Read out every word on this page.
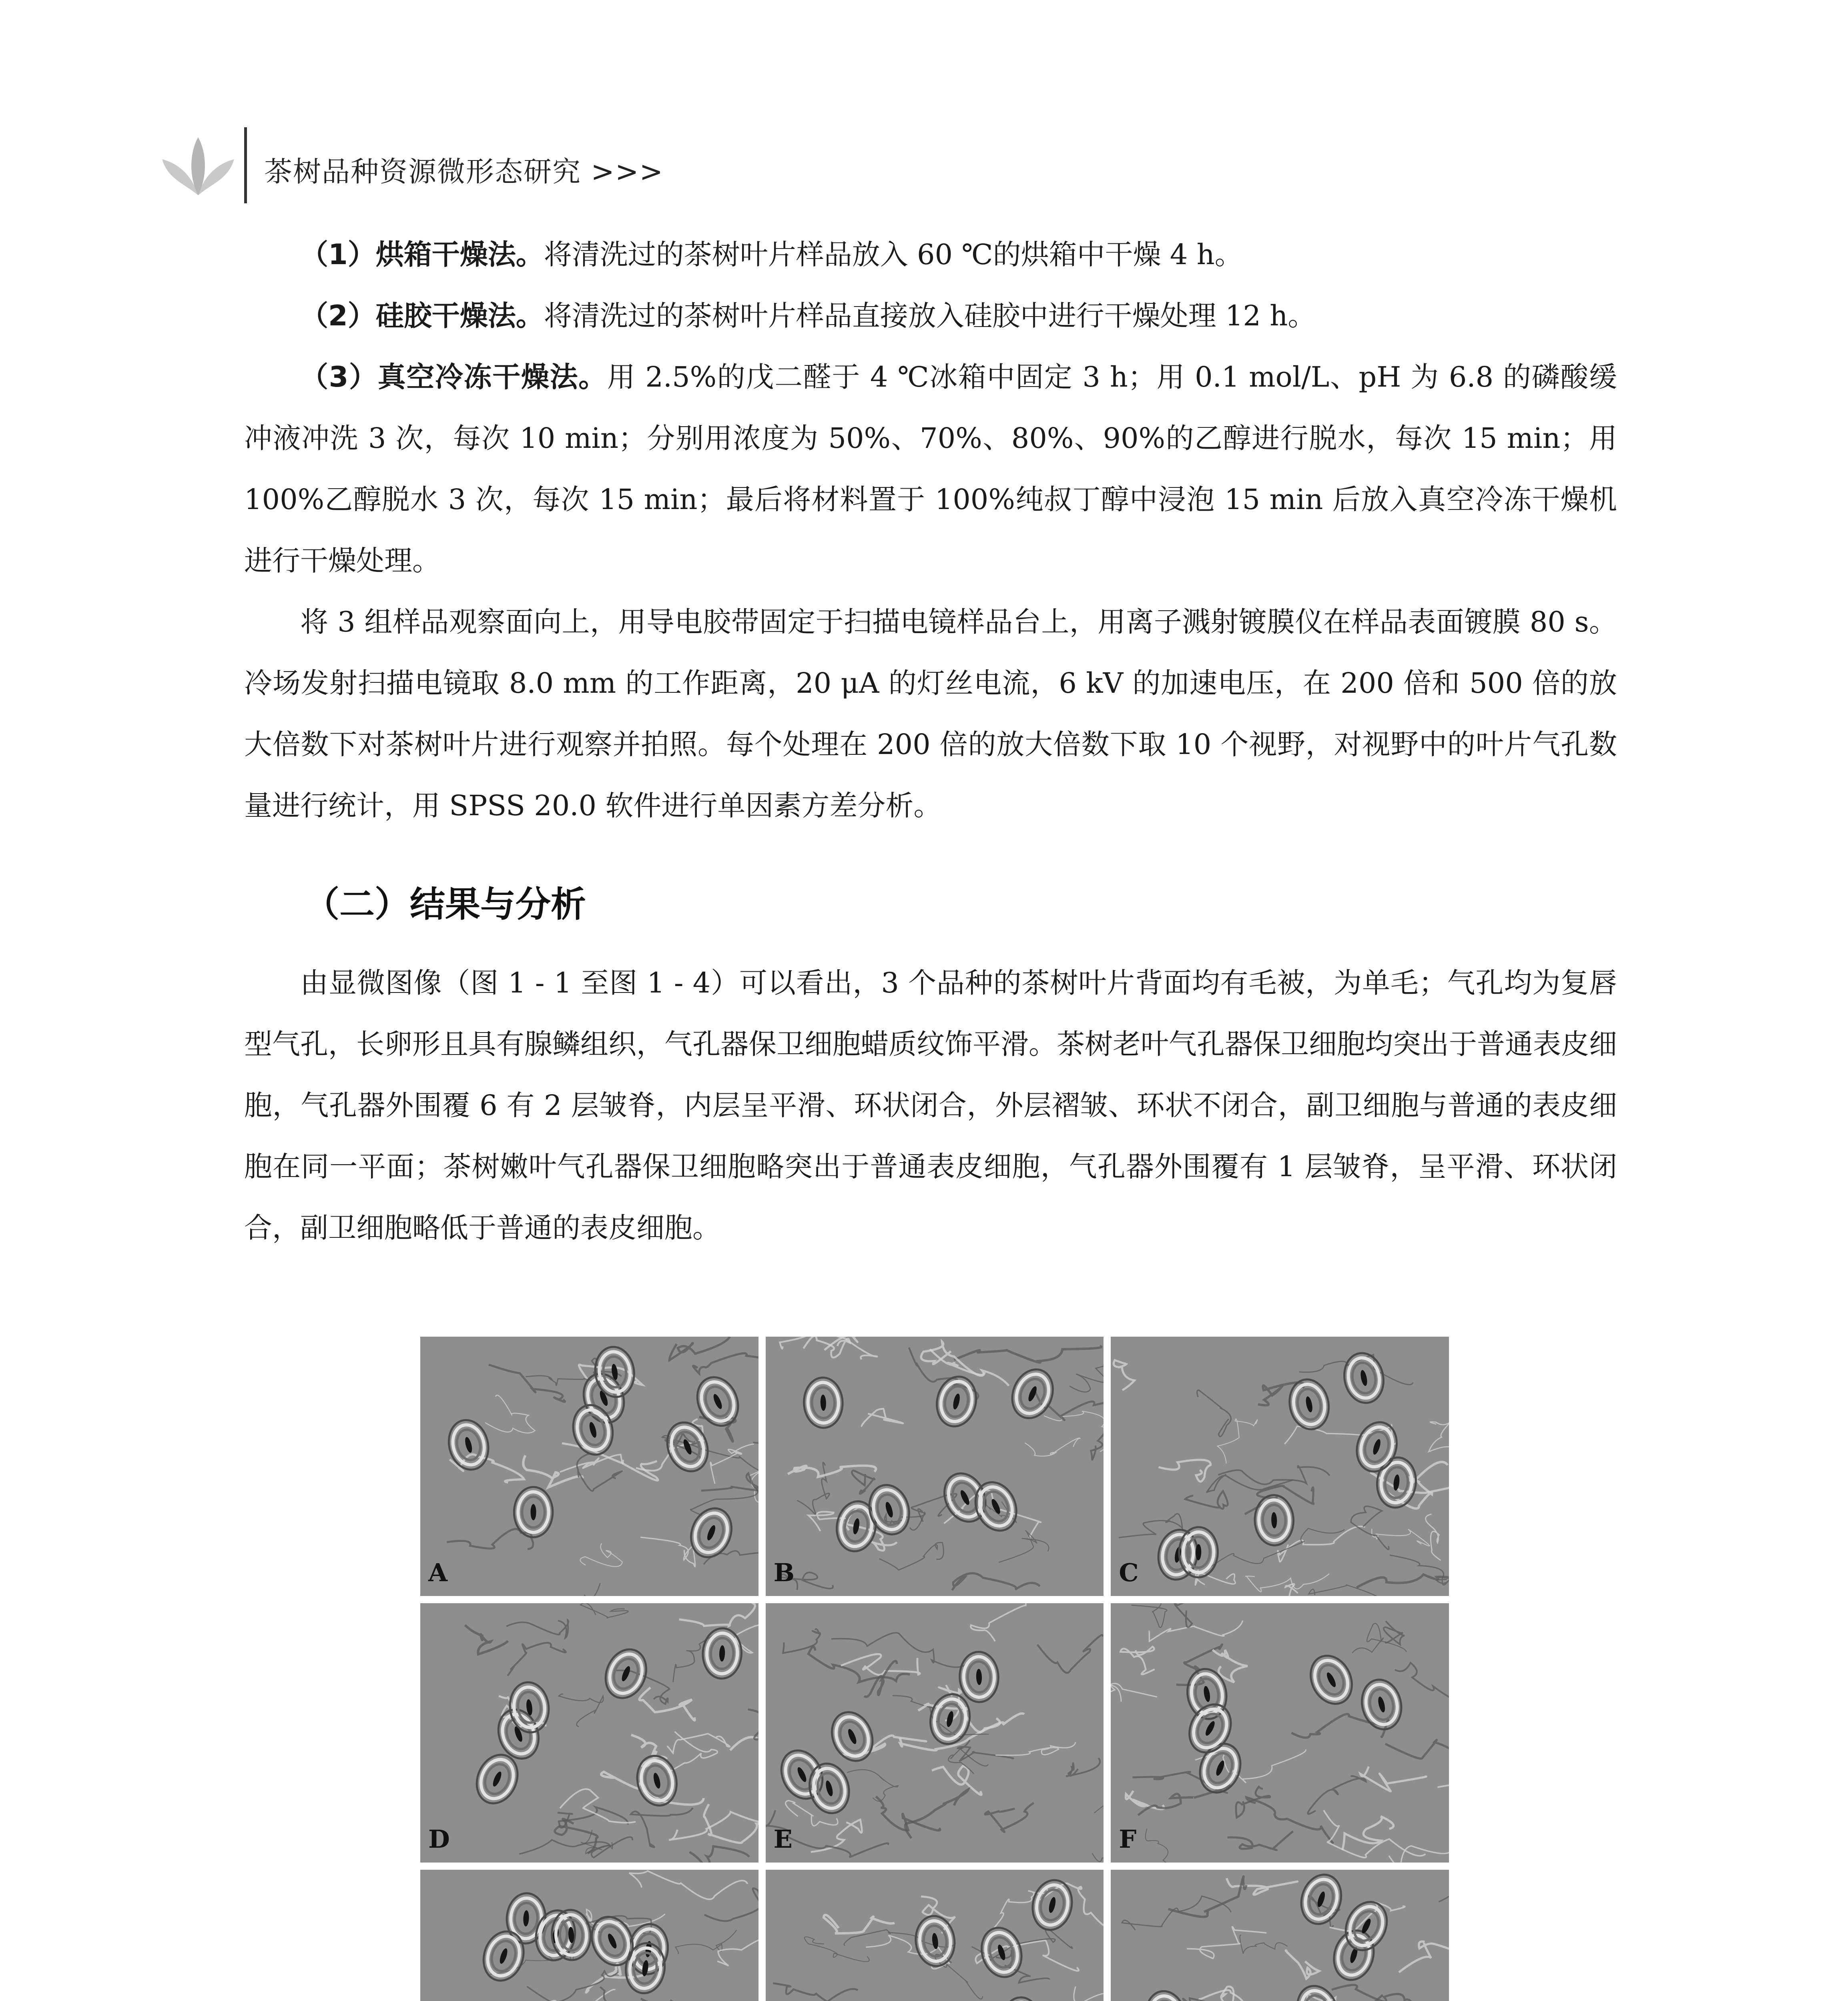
茶树品种资源微形态研究 >>>

（1）烘箱干燥法。将清洗过的茶树叶片样品放入 60 ℃的烘箱中干燥 4 h。

（2）硅胶干燥法。将清洗过的茶树叶片样品直接放入硅胶中进行干燥处理 12 h。

（3）真空冷冻干燥法。用 2.5%的戊二醛于 4 ℃冰箱中固定 3 h；用 0.1 mol/L、pH 为 6.8 的磷酸缓冲液冲洗 3 次，每次 10 min；分别用浓度为 50%、70%、80%、90%的乙醇进行脱水，每次 15 min；用 100%乙醇脱水 3 次，每次 15 min；最后将材料置于 100%纯叔丁醇中浸泡 15 min 后放入真空冷冻干燥机进行干燥处理。

将 3 组样品观察面向上，用导电胶带固定于扫描电镜样品台上，用离子溅射镀膜仪在样品表面镀膜 80 s。冷场发射扫描电镜取 8.0 mm 的工作距离，20 μA 的灯丝电流，6 kV 的加速电压，在 200 倍和 500 倍的放大倍数下对茶树叶片进行观察并拍照。每个处理在 200 倍的放大倍数下取 10 个视野，对视野中的叶片气孔数量进行统计，用 SPSS 20.0 软件进行单因素方差分析。

（二）结果与分析

由显微图像（图 1 - 1 至图 1 - 4）可以看出，3 个品种的茶树叶片背面均有毛被，为单毛；气孔均为复唇型气孔，长卵形且具有腺鳞组织，气孔器保卫细胞蜡质纹饰平滑。茶树老叶气孔器保卫细胞均突出于普通表皮细胞，气孔器外围覆 6 有 2 层皱脊，内层呈平滑、环状闭合，外层褶皱、环状不闭合，副卫细胞与普通的表皮细胞在同一平面；茶树嫩叶气孔器保卫细胞略突出于普通表皮细胞，气孔器外围覆有 1 层皱脊，呈平滑、环状闭合，副卫细胞略低于普通的表皮细胞。

A	B	C
D	E	F
